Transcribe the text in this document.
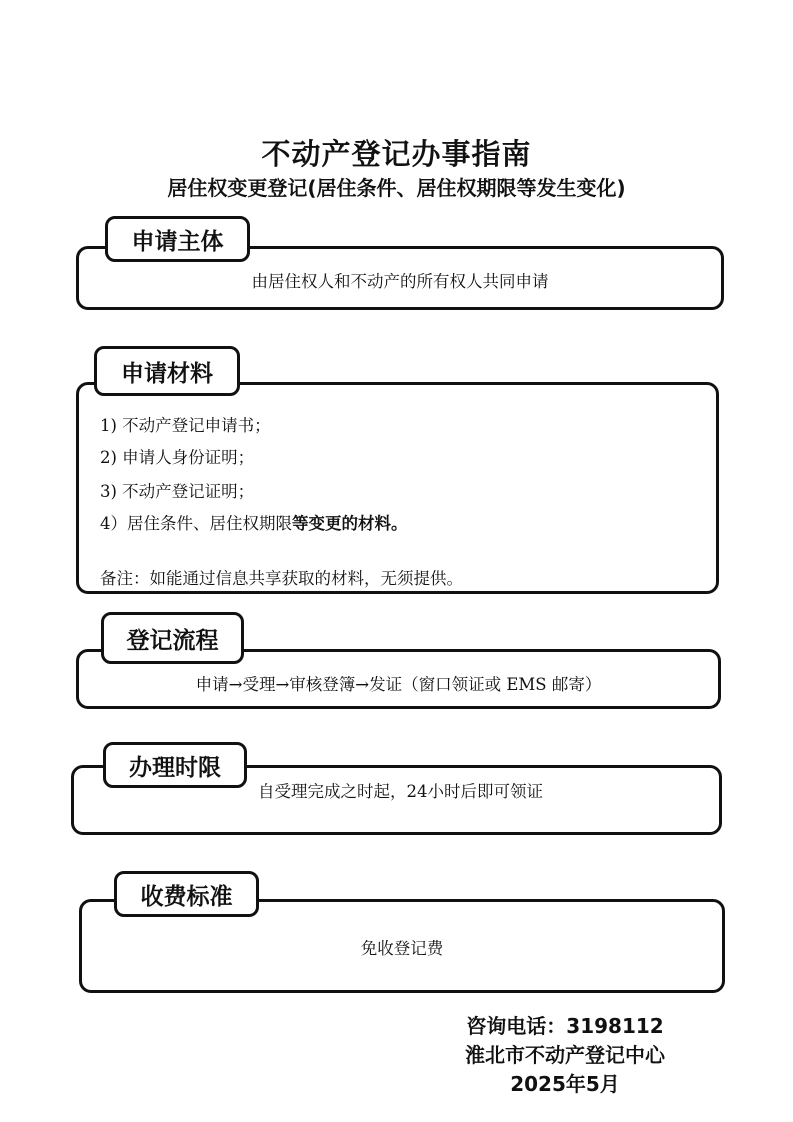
不动产登记办事指南
居住权变更登记(居住条件、居住权期限等发生变化)
申请主体
由居住权人和不动产的所有权人共同申请
申请材料
1) 不动产登记申请书；
2) 申请人身份证明；
3) 不动产登记证明；
4）居住条件、居住权期限等变更的材料。
备注：如能通过信息共享获取的材料，无须提供。
登记流程
申请→受理→审核登簿→发证（窗口领证或 EMS 邮寄）
办理时限
自受理完成之时起，24小时后即可领证
收费标准
免收登记费
咨询电话：3198112
淮北市不动产登记中心
2025年5月
